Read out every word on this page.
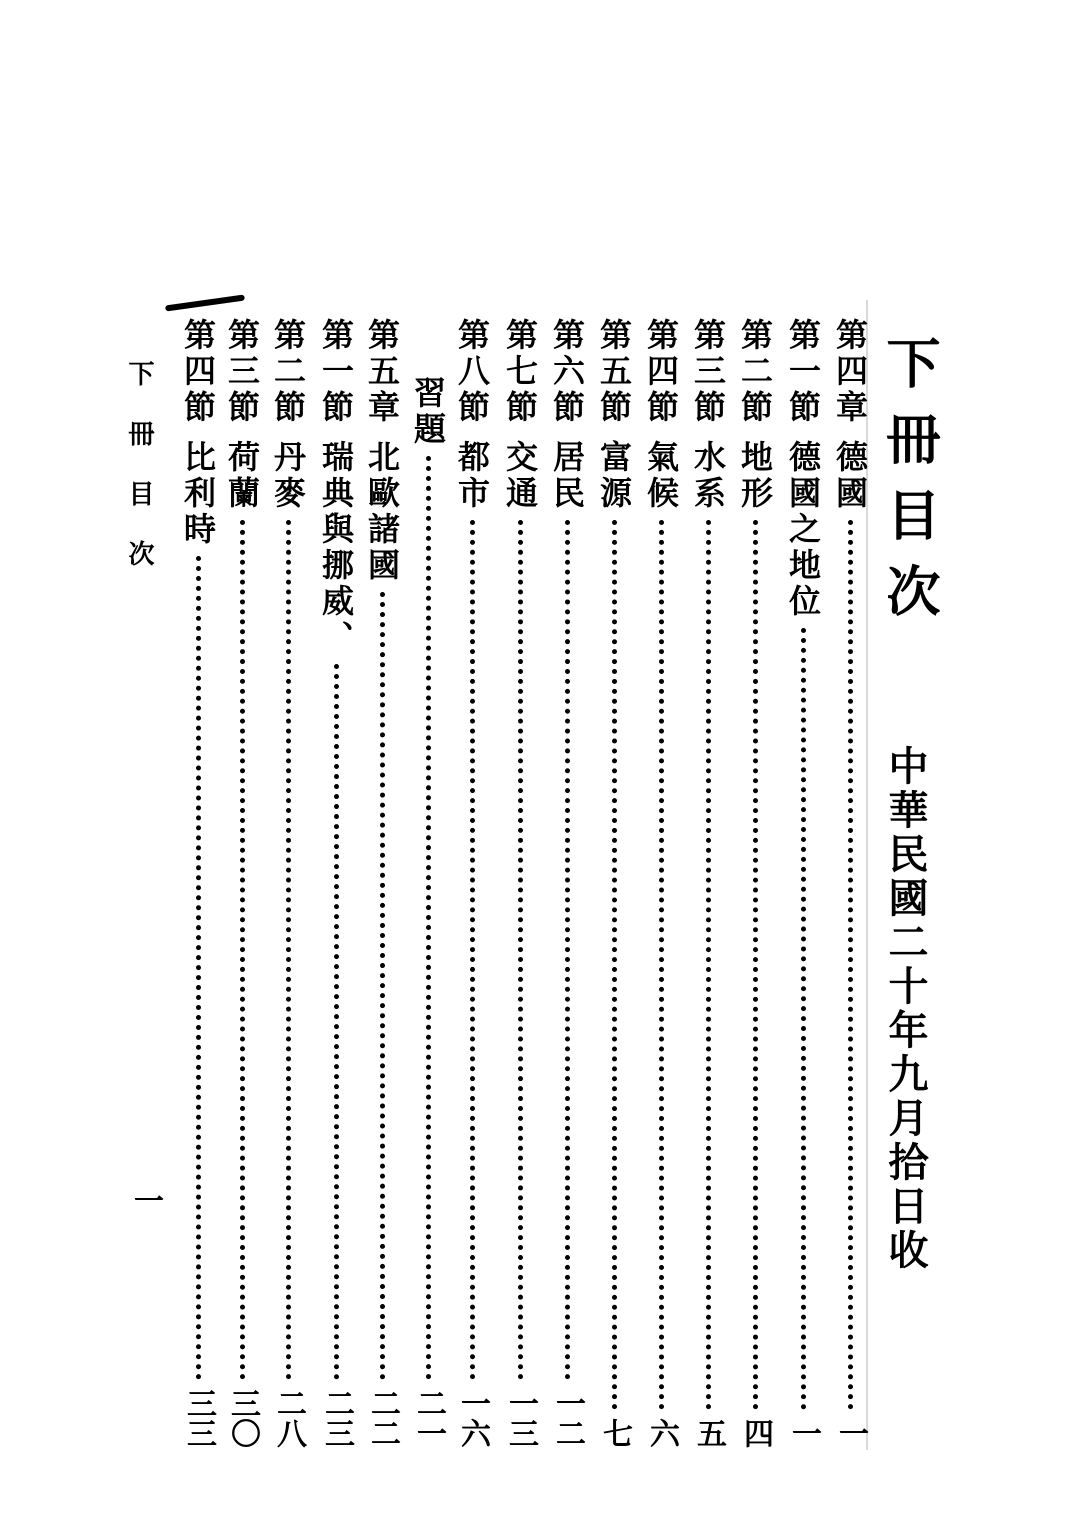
下冊目次
中華民國二十年九月拾日收
第四章
德國
一
第一節
德國之地位
一
第二節
地形
四
第三節
水系
五
第四節
氣候
六
第五節
富源
七
第六節
居民
一二
第七節
交通
一三
第八節
都市
一六
習題
二一
第五章
北歐諸國
二二
第一節
瑞典與挪威、
二三
第二節
丹麥
二八
第三節
荷蘭
三〇
第四節
比利時
三三
下冊目次
一
